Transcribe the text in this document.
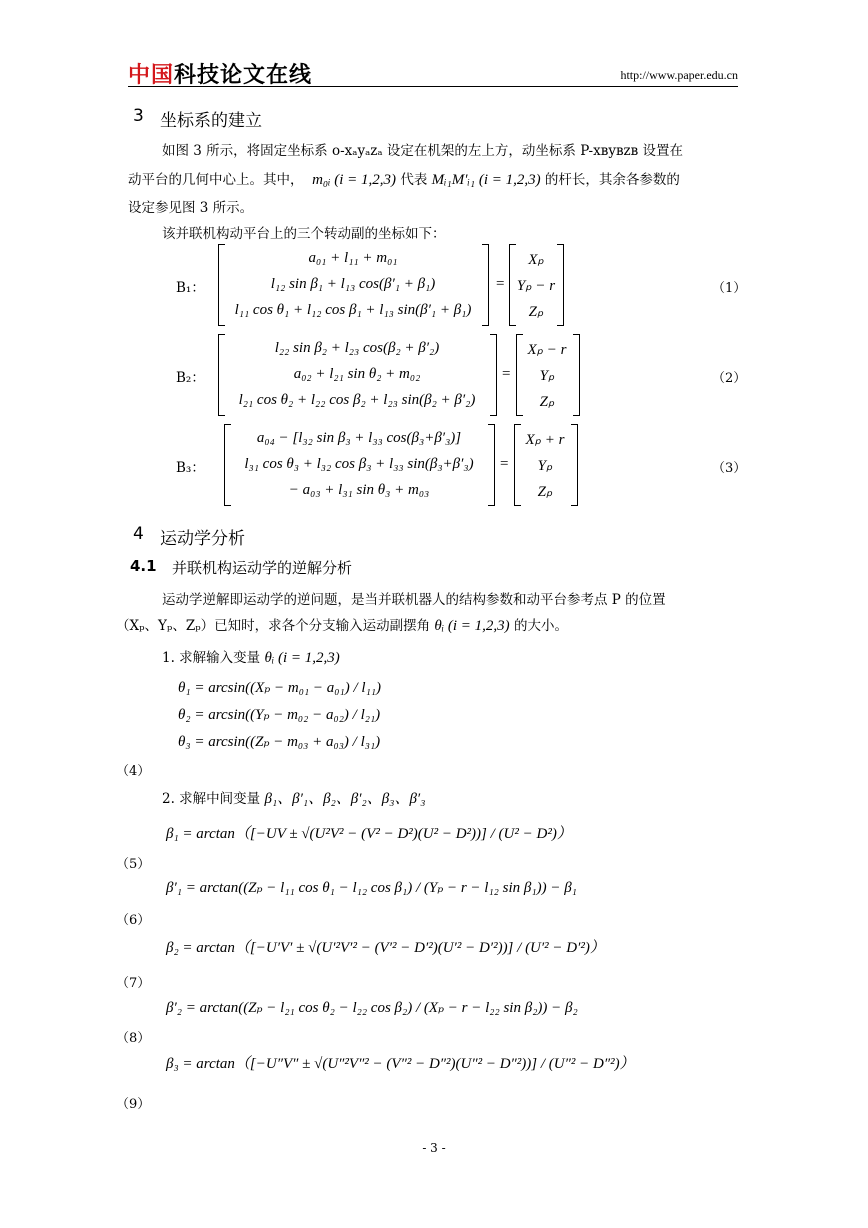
中国科技论文在线	http://www.paper.edu.cn
3 坐标系的建立
如图 3 所示，将固定坐标系 o-xₐyₐzₐ 设定在机架的左上方，动坐标系 P-xʙyʙzʙ 设置在
动平台的几何中心上。其中， m₀ᵢ (i = 1,2,3) 代表 Mᵢ₁M′ᵢ₁ (i = 1,2,3) 的杆长，其余各参数的
设定参见图 3 所示。
该并联机构动平台上的三个转动副的坐标如下：
B₁：
a₀₁ + l₁₁ + m₀₁
l₁₂ sin β₁ + l₁₃ cos(β′₁ + β₁)
l₁₁ cos θ₁ + l₁₂ cos β₁ + l₁₃ sin(β′₁ + β₁)
=
Xₚ
Yₚ − r
Zₚ
（1）
B₂：
l₂₂ sin β₂ + l₂₃ cos(β₂ + β′₂)
a₀₂ + l₂₁ sin θ₂ + m₀₂
l₂₁ cos θ₂ + l₂₂ cos β₂ + l₂₃ sin(β₂ + β′₂)
=
Xₚ − r
Yₚ
Zₚ
（2）
B₃：
a₀₄ − [l₃₂ sin β₃ + l₃₃ cos(β₃+β′₃)]
l₃₁ cos θ₃ + l₃₂ cos β₃ + l₃₃ sin(β₃+β′₃)
− a₀₃ + l₃₁ sin θ₃ + m₀₃
=
Xₚ + r
Yₚ
Zₚ
（3）
4 运动学分析
4.1 并联机构运动学的逆解分析
运动学逆解即运动学的逆问题，是当并联机器人的结构参数和动平台参考点 P 的位置
（Xₚ、Yₚ、Zₚ）已知时，求各个分支输入运动副摆角 θᵢ (i = 1,2,3) 的大小。
1. 求解输入变量 θᵢ (i = 1,2,3)
θ₁ = arcsin((Xₚ − m₀₁ − a₀₁) / l₁₁)
θ₂ = arcsin((Yₚ − m₀₂ − a₀₂) / l₂₁)
θ₃ = arcsin((Zₚ − m₀₃ + a₀₃) / l₃₁)
（4）
2. 求解中间变量 β₁、β′₁、β₂、β′₂、β₃、β′₃
β₁ = arctan（[−UV ± √(U²V² − (V² − D²)(U² − D²))] / (U² − D²)）
（5）
β′₁ = arctan((Zₚ − l₁₁ cos θ₁ − l₁₂ cos β₁) / (Yₚ − r − l₁₂ sin β₁)) − β₁
（6）
β₂ = arctan（[−U′V′ ± √(U′²V′² − (V′² − D′²)(U′² − D′²))] / (U′² − D′²)）
（7）
β′₂ = arctan((Zₚ − l₂₁ cos θ₂ − l₂₂ cos β₂) / (Xₚ − r − l₂₂ sin β₂)) − β₂
（8）
β₃ = arctan（[−U″V″ ± √(U″²V″² − (V″² − D″²)(U″² − D″²))] / (U″² − D″²)）
（9）
- 3 -
